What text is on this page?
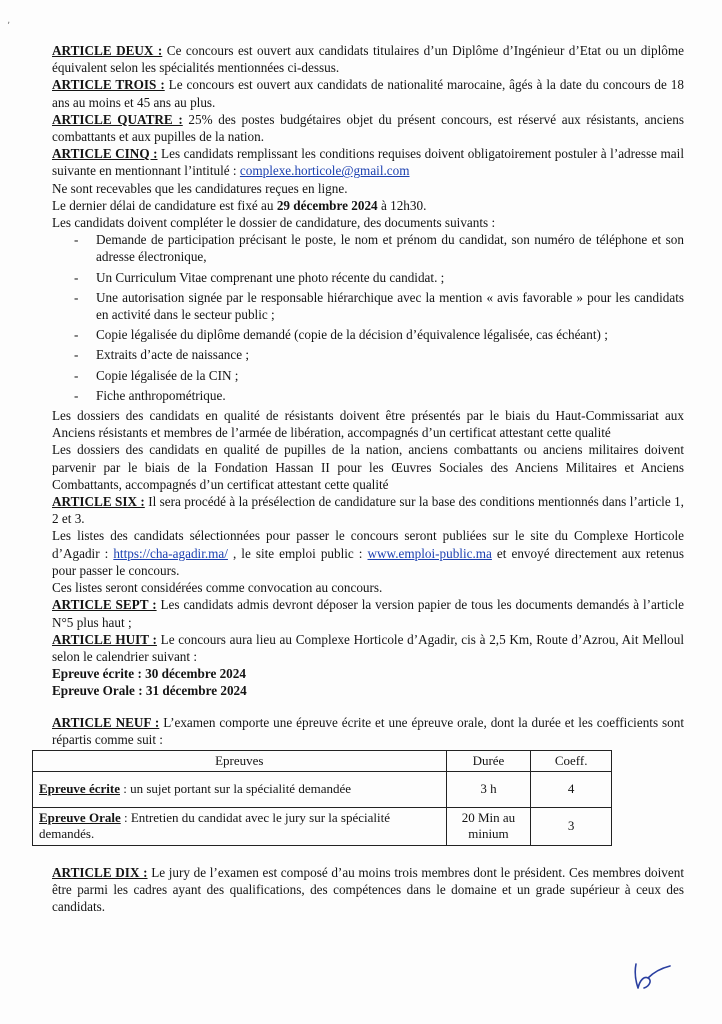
ʼ

ARTICLE DEUX : Ce concours est ouvert aux candidats titulaires d’un Diplôme d’Ingénieur d’Etat ou un diplôme équivalent selon les spécialités mentionnées ci-dessus.

ARTICLE TROIS : Le concours est ouvert aux candidats de nationalité marocaine, âgés à la date du concours de 18 ans au moins et 45 ans au plus.

ARTICLE QUATRE : 25% des postes budgétaires objet du présent concours, est réservé aux résistants, anciens combattants et aux pupilles de la nation.

ARTICLE CINQ : Les candidats remplissant les conditions requises doivent obligatoirement postuler à l’adresse mail suivante en mentionnant l’intitulé : complexe.horticole@gmail.com

Ne sont recevables que les candidatures reçues en ligne.

Le dernier délai de candidature est fixé au 29 décembre 2024 à 12h30.

Les candidats doivent compléter le dossier de candidature, des documents suivants :

- Demande de participation précisant le poste, le nom et prénom du candidat, son numéro de téléphone et son adresse électronique,
- Un Curriculum Vitae comprenant une photo récente du candidat. ;
- Une autorisation signée par le responsable hiérarchique avec la mention « avis favorable » pour les candidats en activité dans le secteur public ;
- Copie légalisée du diplôme demandé (copie de la décision d’équivalence légalisée, cas échéant) ;
- Extraits d’acte de naissance ;
- Copie légalisée de la CIN ;
- Fiche anthropométrique.

Les dossiers des candidats en qualité de résistants doivent être présentés par le biais du Haut-Commissariat aux Anciens résistants et membres de l’armée de libération, accompagnés d’un certificat attestant cette qualité

Les dossiers des candidats en qualité de pupilles de la nation, anciens combattants ou anciens militaires doivent parvenir par le biais de la Fondation Hassan II pour les Œuvres Sociales des Anciens Militaires et Anciens Combattants, accompagnés d’un certificat attestant cette qualité

ARTICLE SIX : Il sera procédé à la présélection de candidature sur la base des conditions mentionnés dans l’article 1, 2 et 3.

Les listes des candidats sélectionnées pour passer le concours seront publiées sur le site du Complexe Horticole d’Agadir : https://cha-agadir.ma/ , le site emploi public : www.emploi-public.ma et envoyé directement aux retenus pour passer le concours.

Ces listes seront considérées comme convocation au concours.

ARTICLE SEPT : Les candidats admis devront déposer la version papier de tous les documents demandés à l’article N°5 plus haut ;

ARTICLE HUIT : Le concours aura lieu au Complexe Horticole d’Agadir, cis à 2,5 Km, Route d’Azrou, Ait Melloul selon le calendrier suivant :

Epreuve écrite : 30 décembre 2024

Epreuve Orale : 31 décembre 2024

ARTICLE NEUF : L’examen comporte une épreuve écrite et une épreuve orale, dont la durée et les coefficients sont répartis comme suit :

Epreuves	Durée	Coeff.
Epreuve écrite : un sujet portant sur la spécialité demandée	3 h	4
Epreuve Orale : Entretien du candidat avec le jury sur la spécialité demandés.	20 Min au minium	3

ARTICLE DIX : Le jury de l’examen est composé d’au moins trois membres dont le président. Ces membres doivent être parmi les cadres ayant des qualifications, des compétences dans le domaine et un grade supérieur à ceux des candidats.
